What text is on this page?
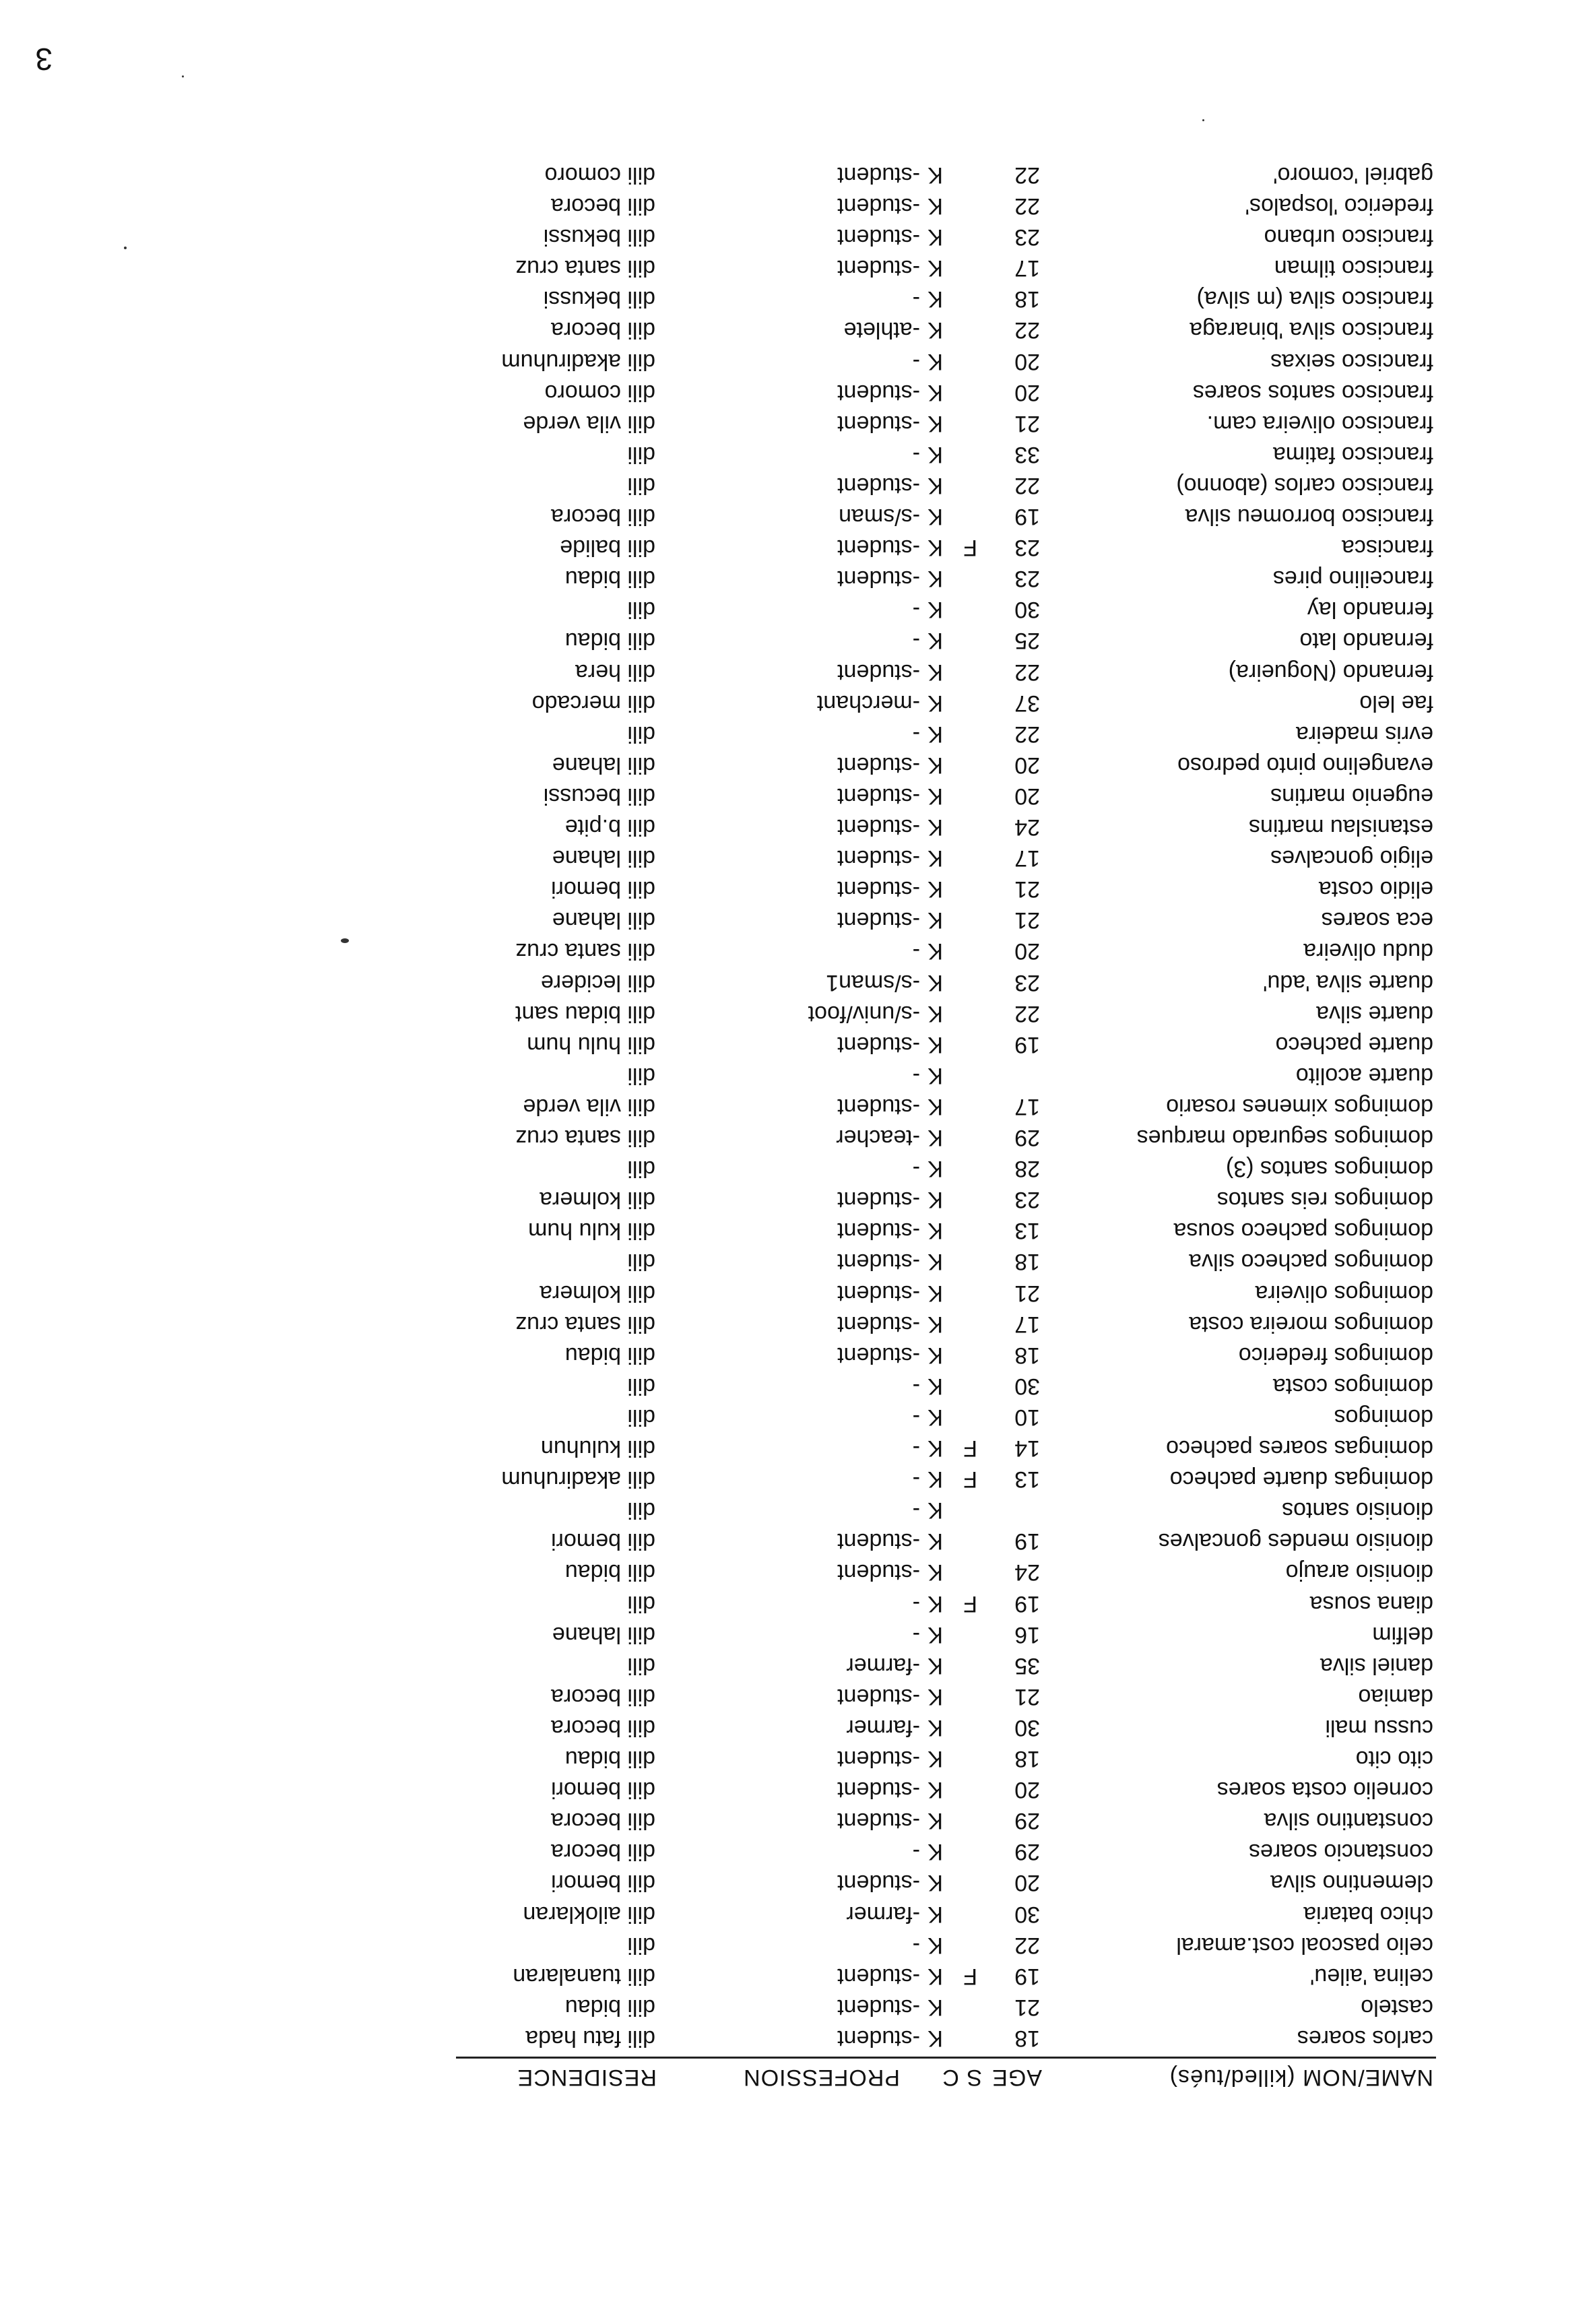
3
NAME/NOM (killed/tués)
AGE
S C
PROFESSION
RESIDENCE
carlos soares
18
K
-student
dili fatu hada
castelo
21
K
-student
dili bidau
celina 'aileu'
19
F
K
-student
dili tuanalaran
celio pascoal cost.amaral
22
K
-
dili
chico bataria
30
K
-farmer
dili ailoklaran
clementino silva
20
K
-student
dili bemori
constancio soares
29
K
-
dili becora
constantino silva
29
K
-student
dili becora
cornelio costa soares
20
K
-student
dili bemori
cito cito
18
K
-student
dili bidau
cussu mali
30
K
-farmer
dili becora
damiao
21
K
-student
dili becora
daniel silva
35
K
-farmer
dili
delfim
16
K
-
dili lahane
diana sousa
19
F
K
-
dili
dionisio araujo
24
K
-student
dili bidau
dionisio mendes goncalves
19
K
-student
dili bemori
dionisio santos
K
-
dili
domingas duarte pacheco
13
F
K
-
dili akadiruhum
domingas soares pacheco
14
F
K
-
dili kuluhun
domingos
10
K
-
dili
domingos costa
30
K
-
dili
domingos frederico
18
K
-student
dili bidau
domingos moreira costa
17
K
-student
dili santa cruz
domingos oliveira
21
K
-student
dili kolmera
domingos pacheco silva
18
K
-student
dili
domingos pacheco sousa
13
K
-student
dili kulu hum
domingos reis santos
23
K
-student
dili kolmera
domingos santos (3)
28
K
-
dili
domingos segurado marques
29
K
-teacher
dili santa cruz
domingos ximenes rosario
17
K
-student
dili vila verde
duarte acolito
K
-
dili
duarte pacheco
19
K
-student
dili hulu hum
duarte silva
22
K
-s/univ/foot
dili bidau sant
duarte silva 'adu'
23
K
-s/sman1
dili lecidere
dudu oliveira
20
K
-
dili santa cruz
eca soares
21
K
-student
dili lahane
elidio costa
21
K
-student
dili bemori
eligio goncalves
17
K
-student
dili lahane
estanislau martins
24
K
-student
dili b.pite
eugenio martins
20
K
-student
dili becussi
evangelino pinto pedroso
20
K
-student
dili lahane
evris madeira
22
K
-
dili
fae lelo
37
K
-merchant
dili mercado
fernando (Nogueira)
22
K
-student
dili hera
fernando lato
25
K
-
dili bidau
fernando lay
30
K
-
dili
franceilino pires
23
K
-student
dili bidau
francisca
23
F
K
-student
dili balide
francisco borromeu silva
19
K
-s/sman
dili becora
francisco carlos (abonno)
22
K
-student
dili
francisco fatima
33
K
-
dili
francisco oliveira cam.
21
K
-student
dili vila verde
francisco santos soares
20
K
-student
dili comoro
francisco seixas
20
K
-
dili akadiruhum
francisco silva 'binaraga
22
K
-athlete
dili becora
francisco silva (m silva)
18
K
-
dili bekussi
francisco tilman
17
K
-student
dili santa cruz
francisco urbano
23
K
-student
dili bekussi
frederico 'lospalos'
22
K
-student
dili becora
gabriel 'comoro'
22
K
-student
dili comoro
